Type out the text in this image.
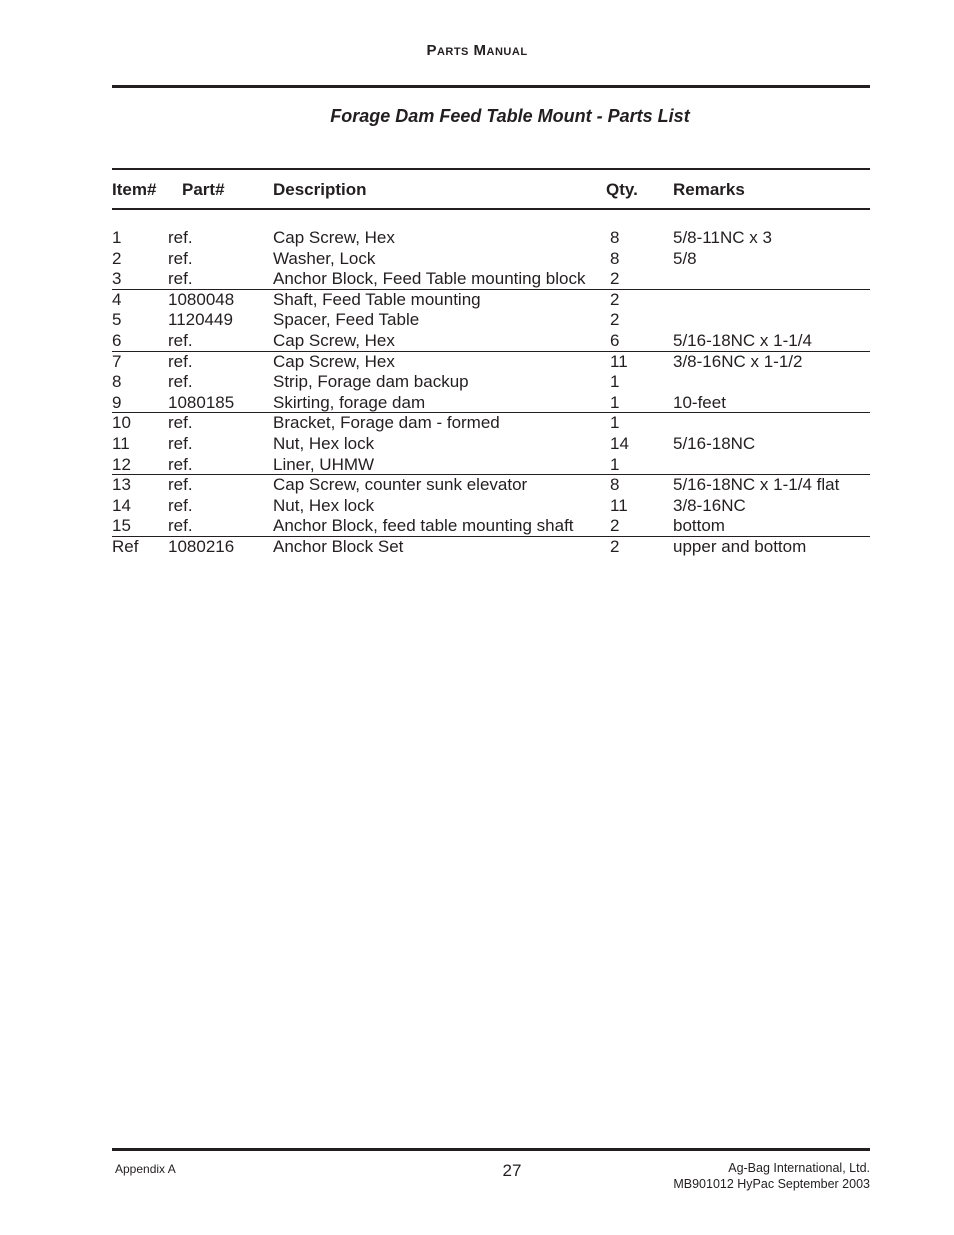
Parts Manual
Forage Dam Feed Table Mount - Parts List
Item# Part#	Description	Qty. Remarks
1	ref.	Cap Screw, Hex	8	5/8-11NC x 3
2	ref.	Washer, Lock	8	5/8
3	ref.	Anchor Block, Feed Table mounting block 2
4	1080048 Shaft, Feed Table mounting	2
5	1120449 Spacer, Feed Table	2
6	ref.	Cap Screw, Hex	6	5/16-18NC x 1-1/4
7	ref.	Cap Screw, Hex	11	3/8-16NC x 1-1/2
8	ref.	Strip, Forage dam backup	1
9	1080185 Skirting, forage dam	1	10-feet
10 ref.	Bracket, Forage dam - formed	1
11 ref.	Nut, Hex lock	14	5/16-18NC
12 ref.	Liner, UHMW	1
13 ref.	Cap Screw, counter sunk elevator	8	5/16-18NC x 1-1/4 flat
14 ref.	Nut, Hex lock	11	3/8-16NC
15 ref.	Anchor Block, feed table mounting shaft 2	bottom
Ref 1080216 Anchor Block Set	2	upper and bottom
Appendix A	27	Ag-Bag International, Ltd.
MB901012 HyPac September 2003
